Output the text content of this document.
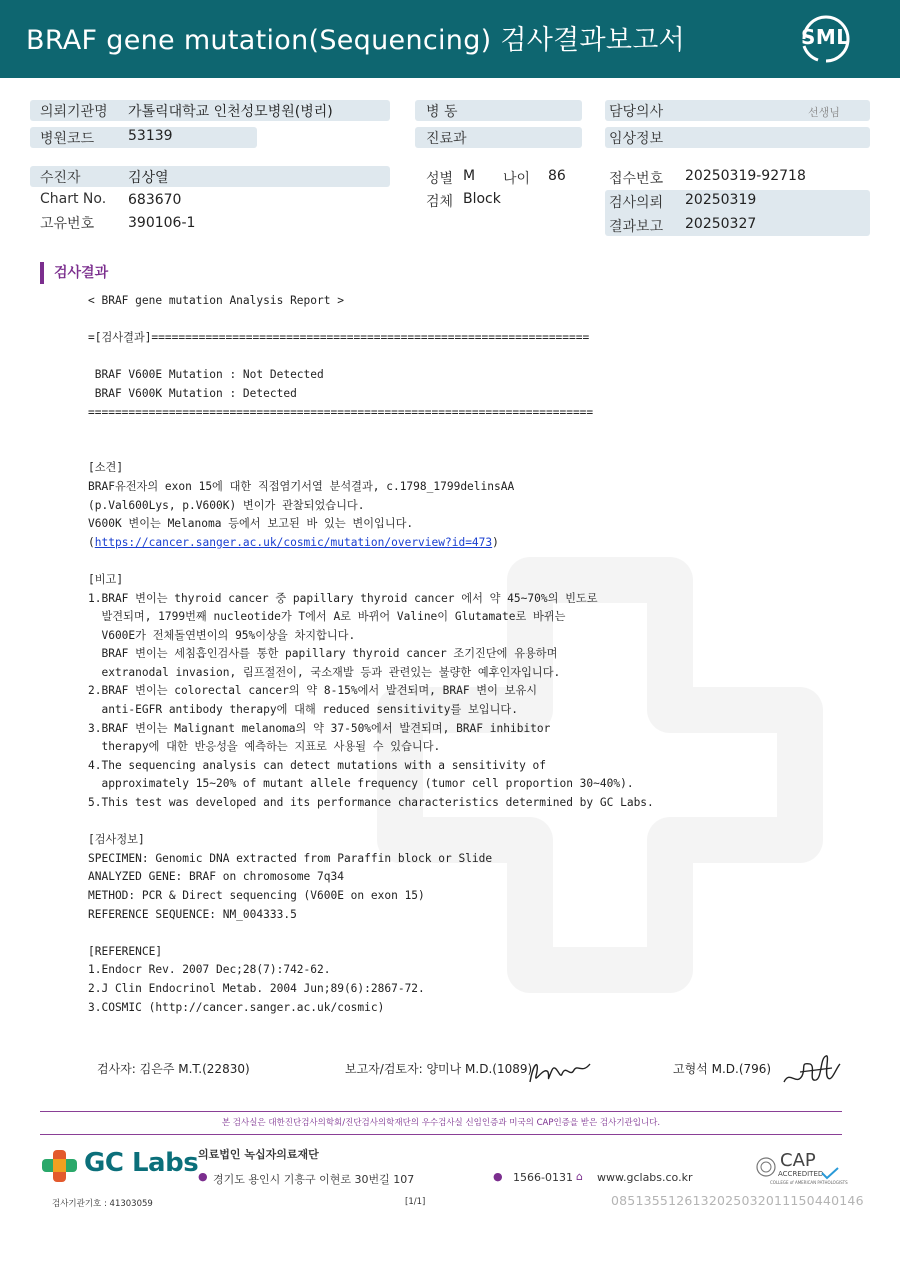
BRAF gene mutation(Sequencing) 검사결과보고서	SML
의뢰기관명 가톨릭대학교 인천성모병원(병리)	병 동	담당의사	선생님
병원코드 53139	진료과	임상정보
수진자	김상열	성별 M 나이 86	접수번호 20250319-92718
Chart No. 683670	검체 Block	검사의뢰 20250319
고유번호 390106-1	결과보고 20250327
검사결과
< BRAF gene mutation Analysis Report >

=[검사결과]=================================================================

BRAF V600E Mutation : Not Detected
BRAF V600K Mutation : Detected
===========================================================================

[소견]
BRAF유전자의 exon 15에 대한 직접염기서열 분석결과, c.1798_1799delinsAA
(p.Val600Lys, p.V600K) 변이가 관찰되었습니다.
V600K 변이는 Melanoma 등에서 보고된 바 있는 변이입니다.
(https://cancer.sanger.ac.uk/cosmic/mutation/overview?id=473)

[비고]
1.BRAF 변이는 thyroid cancer 중 papillary thyroid cancer 에서 약 45~70%의 빈도로
발견되며, 1799번째 nucleotide가 T에서 A로 바뀌어 Valine이 Glutamate로 바뀌는
V600E가 전체돌연변이의 95%이상을 차지합니다.
BRAF 변이는 세침흡인검사를 통한 papillary thyroid cancer 조기진단에 유용하며
extranodal invasion, 림프절전이, 국소재발 등과 관련있는 불량한 예후인자입니다.
2.BRAF 변이는 colorectal cancer의 약 8-15%에서 발견되며, BRAF 변이 보유시
anti-EGFR antibody therapy에 대해 reduced sensitivity를 보입니다.
3.BRAF 변이는 Malignant melanoma의 약 37-50%에서 발견되며, BRAF inhibitor
therapy에 대한 반응성을 예측하는 지표로 사용될 수 있습니다.
4.The sequencing analysis can detect mutations with a sensitivity of
approximately 15~20% of mutant allele frequency (tumor cell proportion 30~40%).
5.This test was developed and its performance characteristics determined by GC Labs.

[검사정보]
SPECIMEN: Genomic DNA extracted from Paraffin block or Slide
ANALYZED GENE: BRAF on chromosome 7q34
METHOD: PCR & Direct sequencing (V600E on exon 15)
REFERENCE SEQUENCE: NM_004333.5

[REFERENCE]
1.Endocr Rev. 2007 Dec;28(7):742-62.
2.J Clin Endocrinol Metab. 2004 Jun;89(6):2867-72.
3.COSMIC (http://cancer.sanger.ac.uk/cosmic)
검사자: 김은주 M.T.(22830)	보고자/검토자: 양미나 M.D.(1089)	고형석 M.D.(796)
본 검사실은 대한진단검사의학회/진단검사의학재단의 우수검사실 신임인증과 미국의 CAP인증을 받은 검사기관입니다.
GC Labs 의료법인 녹십자의료재단
● 경기도 용인시 기흥구 이현로 30번길 107	● 1566-0131 ⌂ www.gclabs.co.kr
CAP
ACCREDITED
COLLEGE of AMERICAN PATHOLOGISTS
검사기관기호 : 41303059	[1/1]	0851355126132025032011150440146
